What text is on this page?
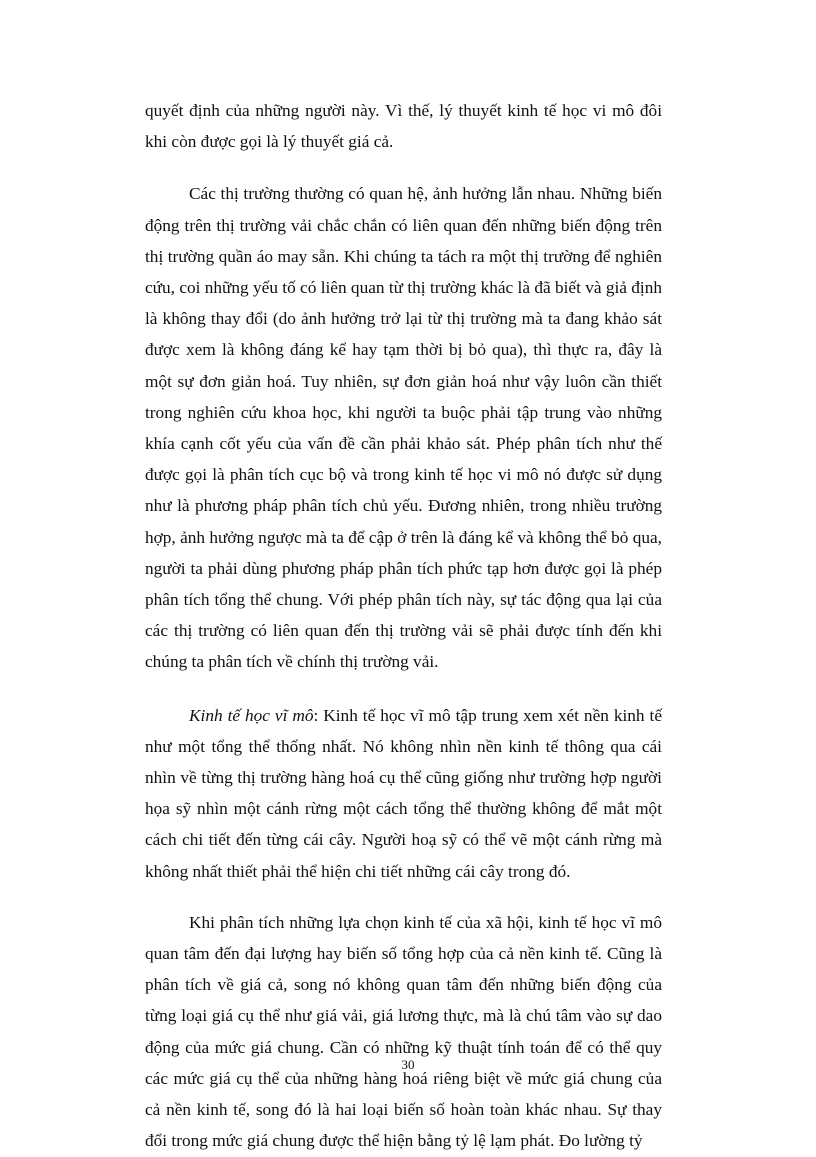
quyết định của những người này. Vì thế, lý thuyết kinh tế học vi mô đôi khi còn được gọi là lý thuyết giá cả.

Các thị trường thường có quan hệ, ảnh hưởng lẫn nhau. Những biến động trên thị trường vải chắc chắn có liên quan đến những biến động trên thị trường quần áo may sẵn. Khi chúng ta tách ra một thị trường để nghiên cứu, coi những yếu tố có liên quan từ thị trường khác là đã biết và giả định là không thay đổi (do ảnh hưởng trở lại từ thị trường mà ta đang khảo sát được xem là không đáng kể hay tạm thời bị bỏ qua), thì thực ra, đây là một sự đơn giản hoá. Tuy nhiên, sự đơn giản hoá như vậy luôn cần thiết trong nghiên cứu khoa học, khi người ta buộc phải tập trung vào những khía cạnh cốt yếu của vấn đề cần phải khảo sát. Phép phân tích như thế được gọi là phân tích cục bộ và trong kinh tế học vi mô nó được sử dụng như là phương pháp phân tích chủ yếu. Đương nhiên, trong nhiều trường hợp, ảnh hưởng ngược mà ta để cập ở trên là đáng kể và không thể bỏ qua, người ta phải dùng phương pháp phân tích phức tạp hơn được gọi là phép phân tích tổng thể chung. Với phép phân tích này, sự tác động qua lại của các thị trường có liên quan đến thị trường vải sẽ phải được tính đến khi chúng ta phân tích về chính thị trường vải.

Kinh tế học vĩ mô: Kinh tế học vĩ mô tập trung xem xét nền kinh tế như một tổng thể thống nhất. Nó không nhìn nền kinh tế thông qua cái nhìn về từng thị trường hàng hoá cụ thể cũng giống như trường hợp người họa sỹ nhìn một cánh rừng một cách tổng thể thường không để mắt một cách chi tiết đến từng cái cây. Người hoạ sỹ có thể vẽ một cánh rừng mà không nhất thiết phải thể hiện chi tiết những cái cây trong đó.

Khi phân tích những lựa chọn kinh tế của xã hội, kinh tế học vĩ mô quan tâm đến đại lượng hay biến số tổng hợp của cả nền kinh tế. Cũng là phân tích về giá cả, song nó không quan tâm đến những biến động của từng loại giá cụ thể như giá vải, giá lương thực, mà là chú tâm vào sự dao động của mức giá chung. Cần có những kỹ thuật tính toán để có thể quy các mức giá cụ thể của những hàng hoá riêng biệt về mức giá chung của cả nền kinh tế, song đó là hai loại biến số hoàn toàn khác nhau. Sự thay đổi trong mức giá chung được thể hiện bằng tỷ lệ lạm phát. Đo lường tỷ

30
